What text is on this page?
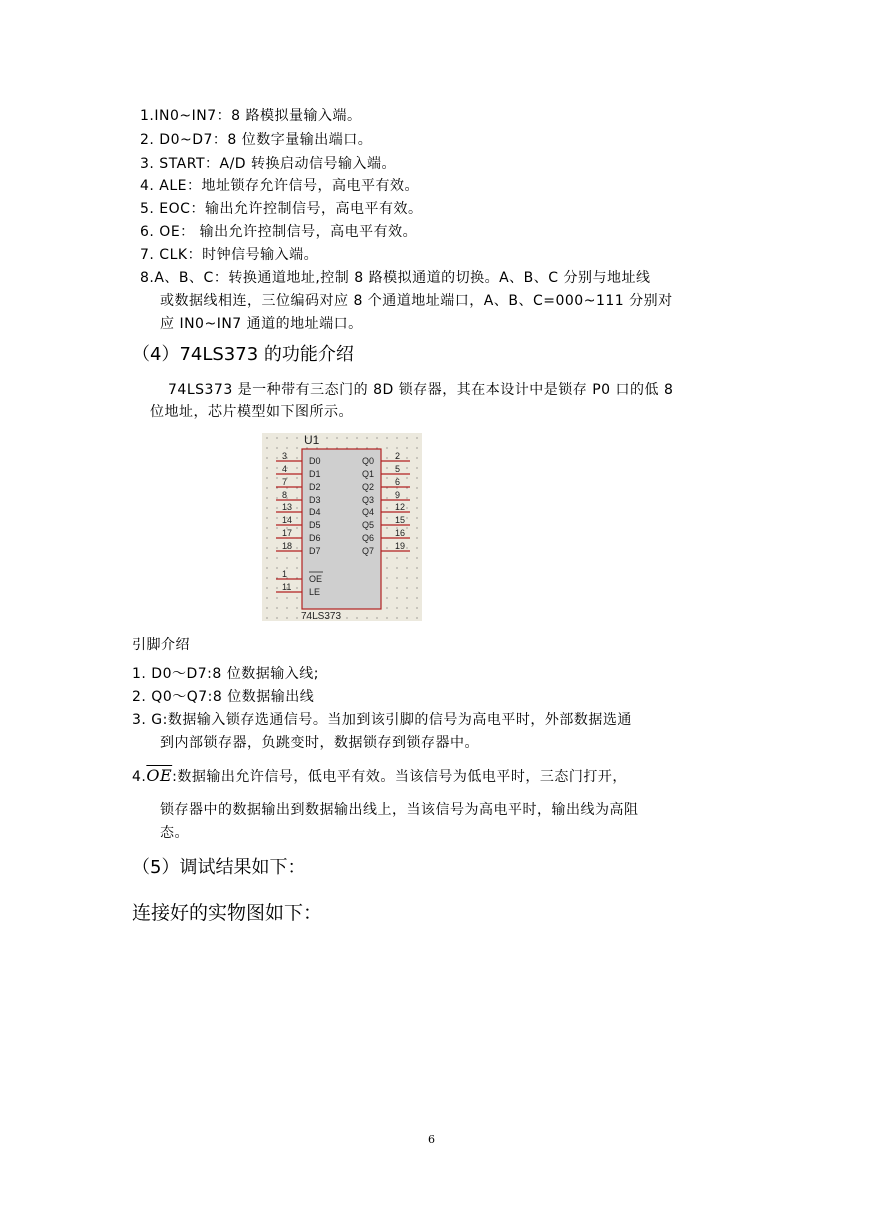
1.IN0~IN7：8 路模拟量输入端。
2. D0~D7：8 位数字量输出端口。
3. START：A/D 转换启动信号输入端。
4. ALE：地址锁存允许信号，高电平有效。
5. EOC：输出允许控制信号，高电平有效。
6. OE： 输出允许控制信号，高电平有效。
7. CLK：时钟信号输入端。
8.A、B、C：转换通道地址,控制 8 路模拟通道的切换。A、B、C 分别与地址线
或数据线相连，三位编码对应 8 个通道地址端口，A、B、C=000~111 分别对
应 IN0~IN7 通道的地址端口。
（4）74LS373 的功能介绍
74LS373 是一种带有三态门的 8D 锁存器，其在本设计中是锁存 P0 口的低 8
位地址，芯片模型如下图所示。
U1
74LS373
3 D0
4 D1
7 D2
8 D3
13 D4
14 D5
17 D6
18 D7
2
Q0
5
Q1
6
Q2
9
Q3
12
Q4
15
Q5
16
Q6
19
Q7
1 OE
11 LE
引脚介绍
1. D0～D7:8 位数据输入线;
2. Q0～Q7:8 位数据输出线
3. G:数据输入锁存选通信号。当加到该引脚的信号为高电平时，外部数据选通
到内部锁存器，负跳变时，数据锁存到锁存器中。
$4.\overline{OE}$:数据输出允许信号，低电平有效。当该信号为低电平时，三态门打开，
锁存器中的数据输出到数据输出线上，当该信号为高电平时，输出线为高阻
态。
（5）调试结果如下：
连接好的实物图如下：
6
